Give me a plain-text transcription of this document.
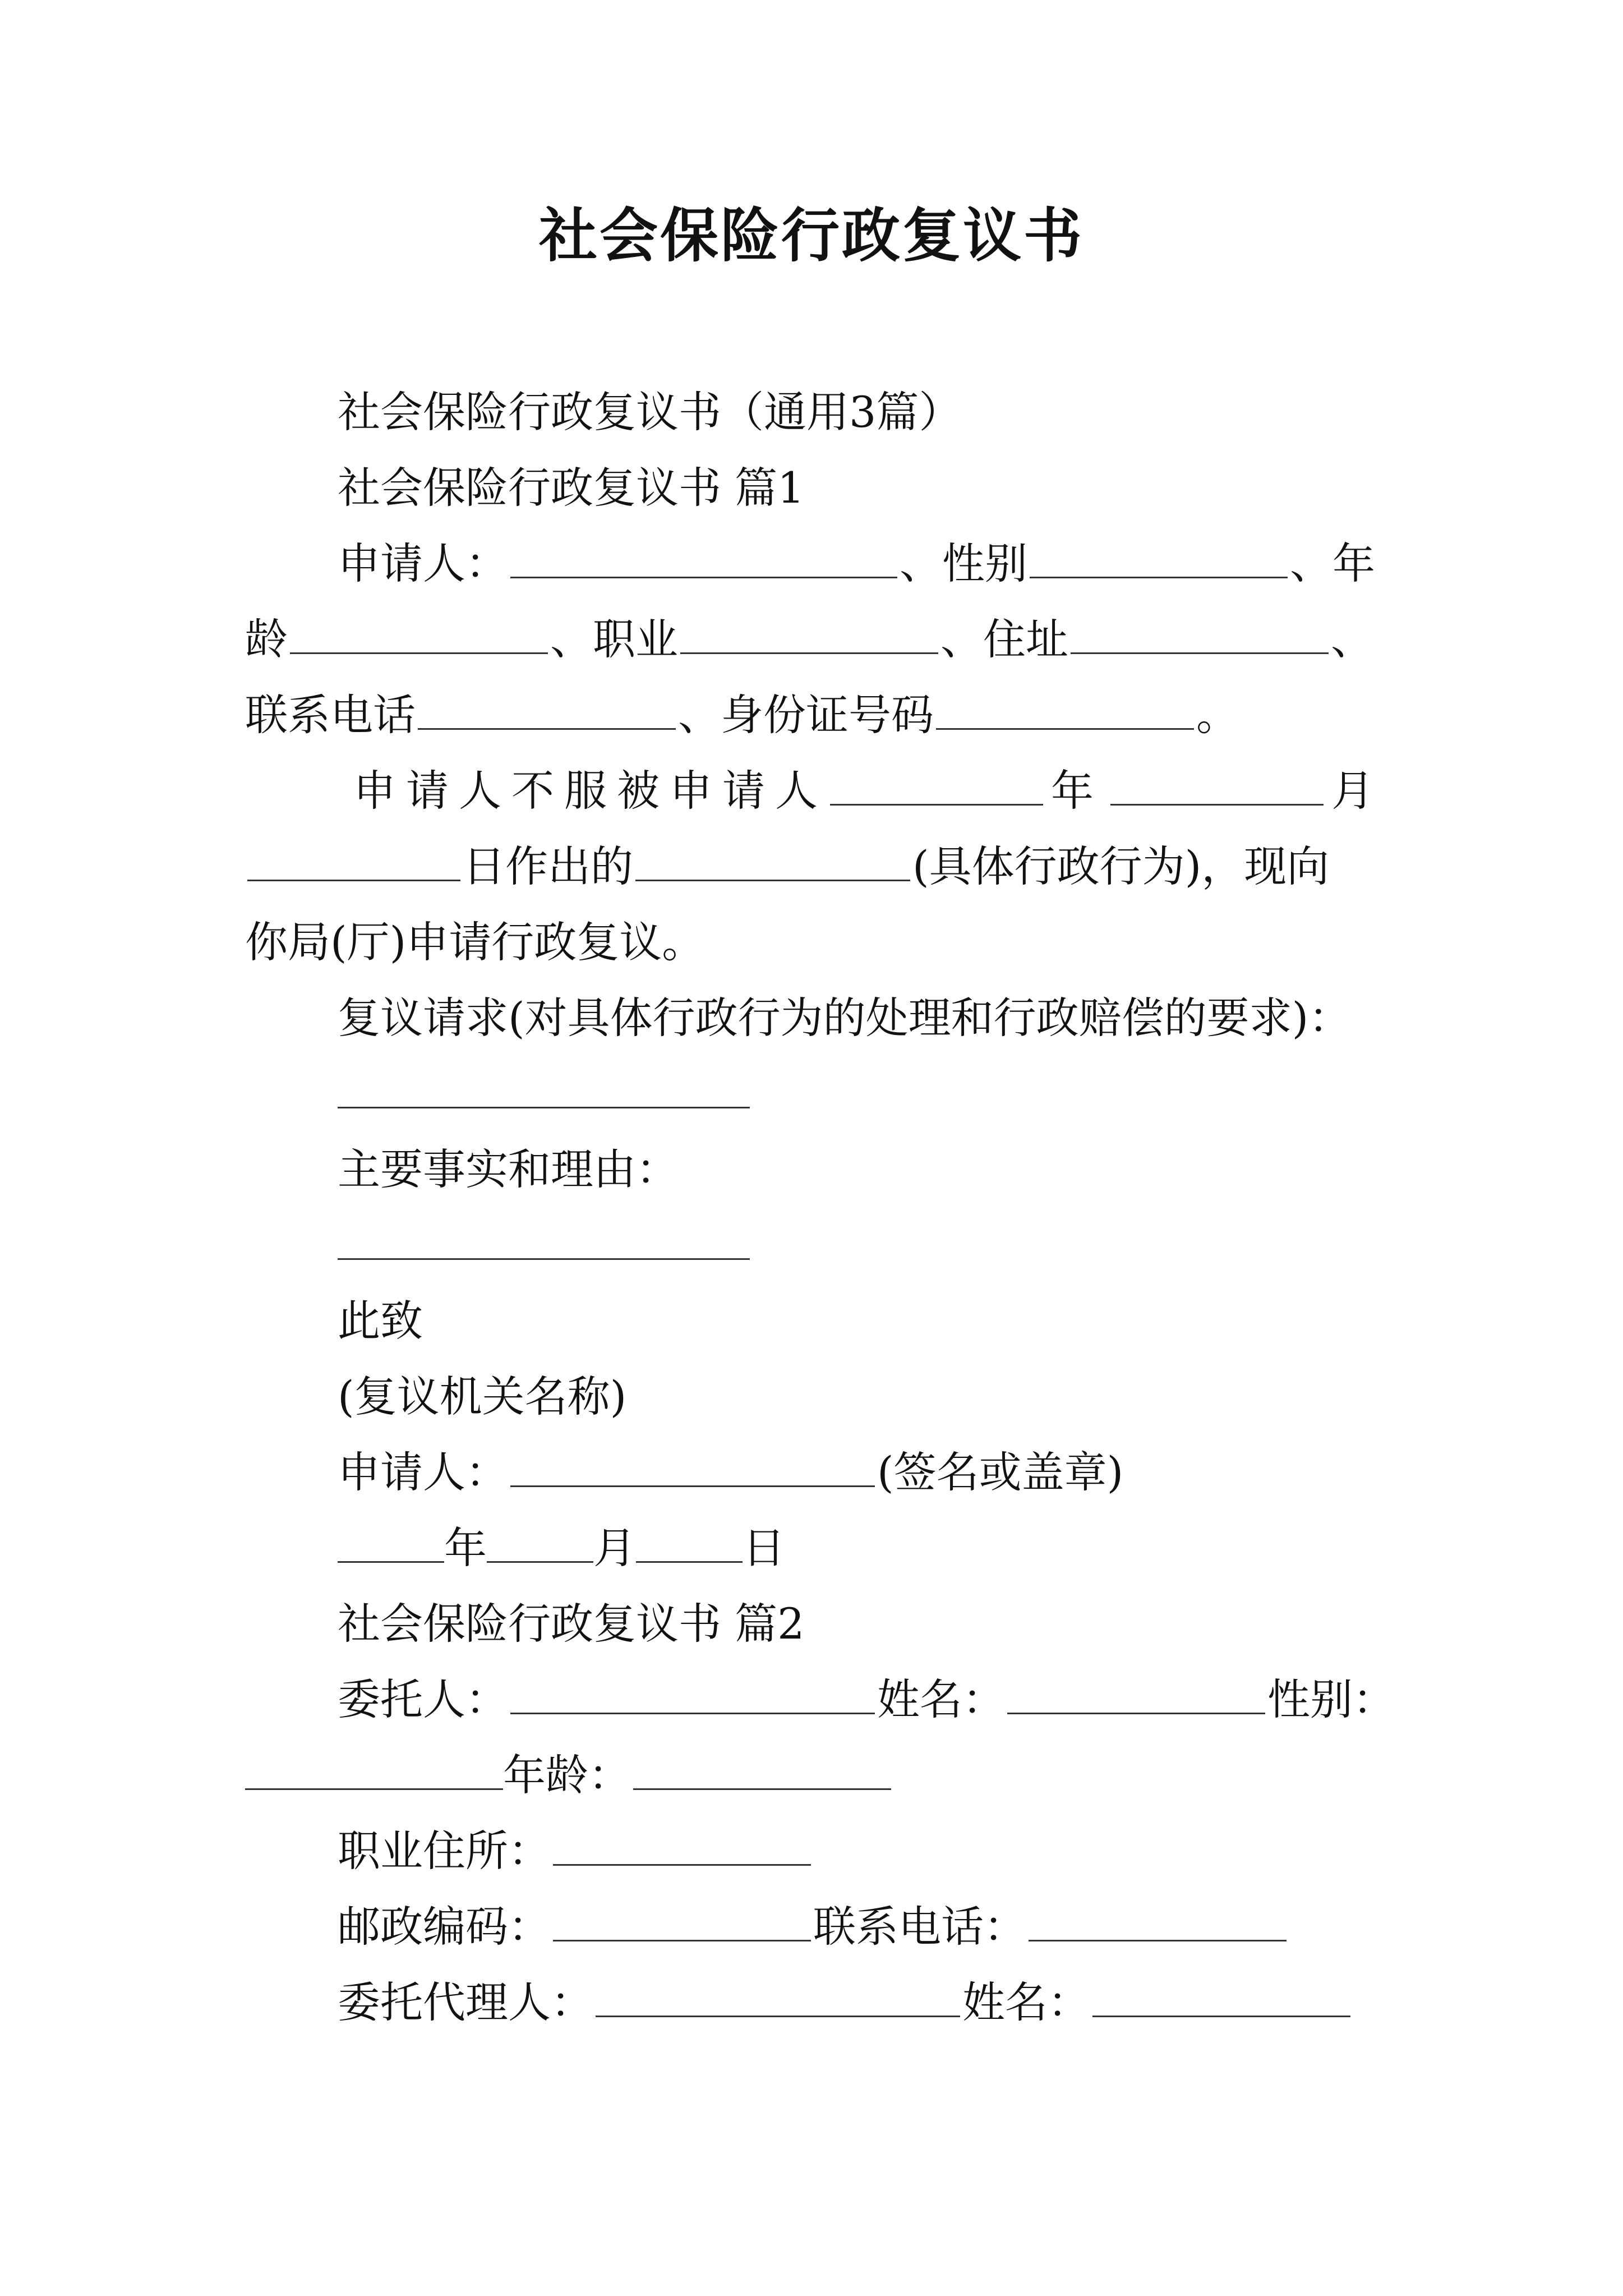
社会保险行政复议书
社会保险行政复议书（通用3篇）
社会保险行政复议书 篇1
申请人：	、性别	、年
龄	、职业	、住址	、
联系电话	、身份证号码	。
申请人不服被申请人	年	月
日作出的	(具体行政行为)，现向
你局(厅)申请行政复议。
复议请求(对具体行政行为的处理和行政赔偿的要求)：
主要事实和理由：
此致
(复议机关名称)
申请人：	(签名或盖章)
年	月	日
社会保险行政复议书 篇2
委托人：	姓名：	性别：
年龄：
职业住所：
邮政编码：	联系电话：
委托代理人：	姓名：
